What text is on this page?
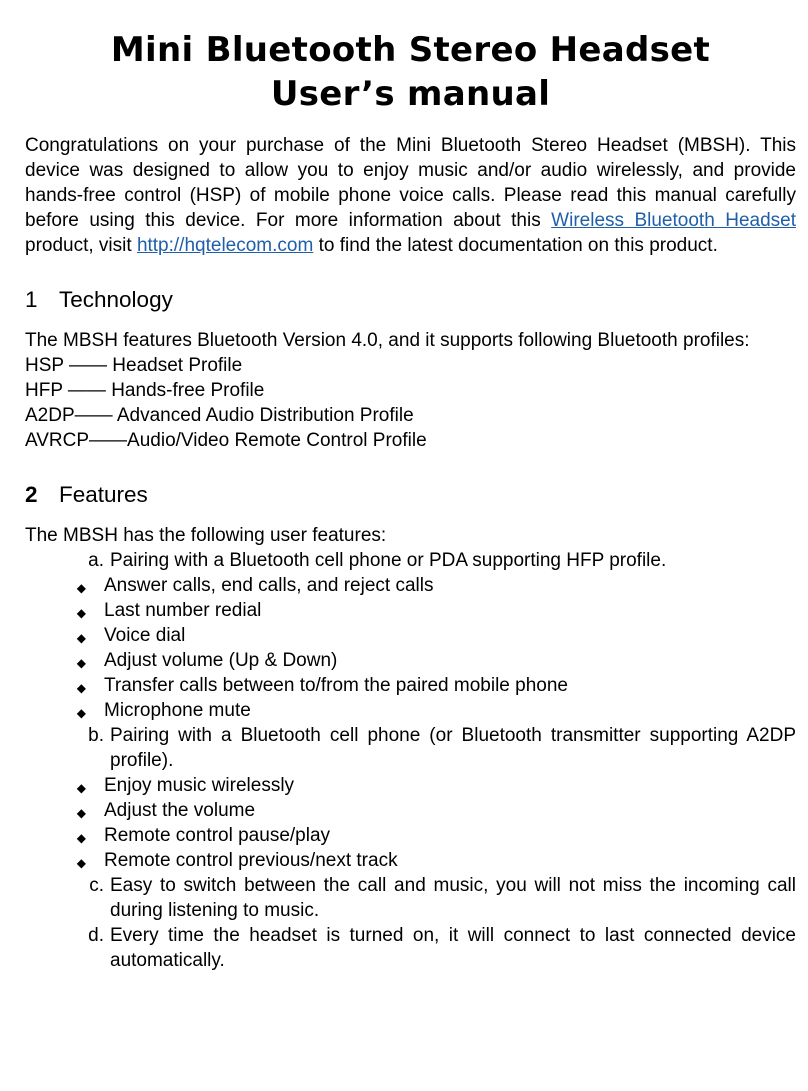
Mini Bluetooth Stereo Headset
User’s manual

Congratulations on your purchase of the Mini Bluetooth Stereo Headset (MBSH). This device was designed to allow you to enjoy music and/or audio wirelessly, and provide hands-free control (HSP) of mobile phone voice calls. Please read this manual carefully before using this device. For more information about this Wireless Bluetooth Headset product, visit http://hqtelecom.com to find the latest documentation on this product.

1 Technology
The MBSH features Bluetooth Version 4.0, and it supports following Bluetooth profiles:
HSP —— Headset Profile
HFP —— Hands-free Profile
A2DP—— Advanced Audio Distribution Profile
AVRCP——Audio/Video Remote Control Profile
2 Features
The MBSH has the following user features:
a. Pairing with a Bluetooth cell phone or PDA supporting HFP profile.
◆ Answer calls, end calls, and reject calls
◆ Last number redial
◆ Voice dial
◆ Adjust volume (Up & Down)
◆ Transfer calls between to/from the paired mobile phone
◆ Microphone mute
b. Pairing with a Bluetooth cell phone (or Bluetooth transmitter supporting A2DP profile).
◆ Enjoy music wirelessly
◆ Adjust the volume
◆ Remote control pause/play
◆ Remote control previous/next track
c. Easy to switch between the call and music, you will not miss the incoming call during listening to music.
d. Every time the headset is turned on, it will connect to last connected device automatically.
